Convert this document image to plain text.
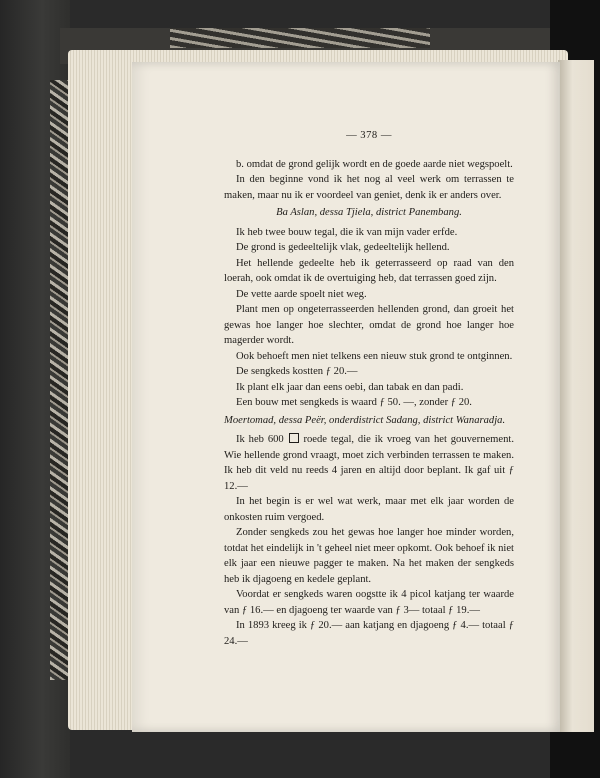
— 378 —

b. omdat de grond gelijk wordt en de goede aarde niet wegspoelt.

In den beginne vond ik het nog al veel werk om terrassen te maken, maar nu ik er voordeel van geniet, denk ik er anders over.

Ba Aslan, dessa Tjiela, district Panembang.

Ik heb twee bouw tegal, die ik van mijn vader erfde.

De grond is gedeeltelijk vlak, gedeeltelijk hellend.

Het hellende gedeelte heb ik geterrasseerd op raad van den loerah, ook omdat ik de overtuiging heb, dat terrassen goed zijn.

De vette aarde spoelt niet weg.

Plant men op ongeterrasseerden hellenden grond, dan groeit het gewas hoe langer hoe slechter, omdat de grond hoe langer hoe magerder wordt.

Ook behoeft men niet telkens een nieuw stuk grond te ontginnen.

De sengkeds kostten ƒ 20.—

Ik plant elk jaar dan eens oebi, dan tabak en dan padi.

Een bouw met sengkeds is waard ƒ 50. —, zonder ƒ 20.

Moertomad, dessa Peër, onderdistrict Sadang, district Wanaradja.

Ik heb 600 roede tegal, die ik vroeg van het gouvernement. Wie hellende grond vraagt, moet zich verbinden terrassen te maken. Ik heb dit veld nu reeds 4 jaren en altijd door beplant. Ik gaf uit ƒ 12.—

In het begin is er wel wat werk, maar met elk jaar worden de onkosten ruim vergoed.

Zonder sengkeds zou het gewas hoe langer hoe minder worden, totdat het eindelijk in 't geheel niet meer opkomt. Ook behoef ik niet elk jaar een nieuwe pagger te maken. Na het maken der sengkeds heb ik djagoeng en kedele geplant.

Voordat er sengkeds waren oogstte ik 4 picol katjang ter waarde van ƒ 16.— en djagoeng ter waarde van ƒ 3— totaal ƒ 19.—

In 1893 kreeg ik ƒ 20.— aan katjang en djagoeng ƒ 4.— totaal ƒ 24.—
